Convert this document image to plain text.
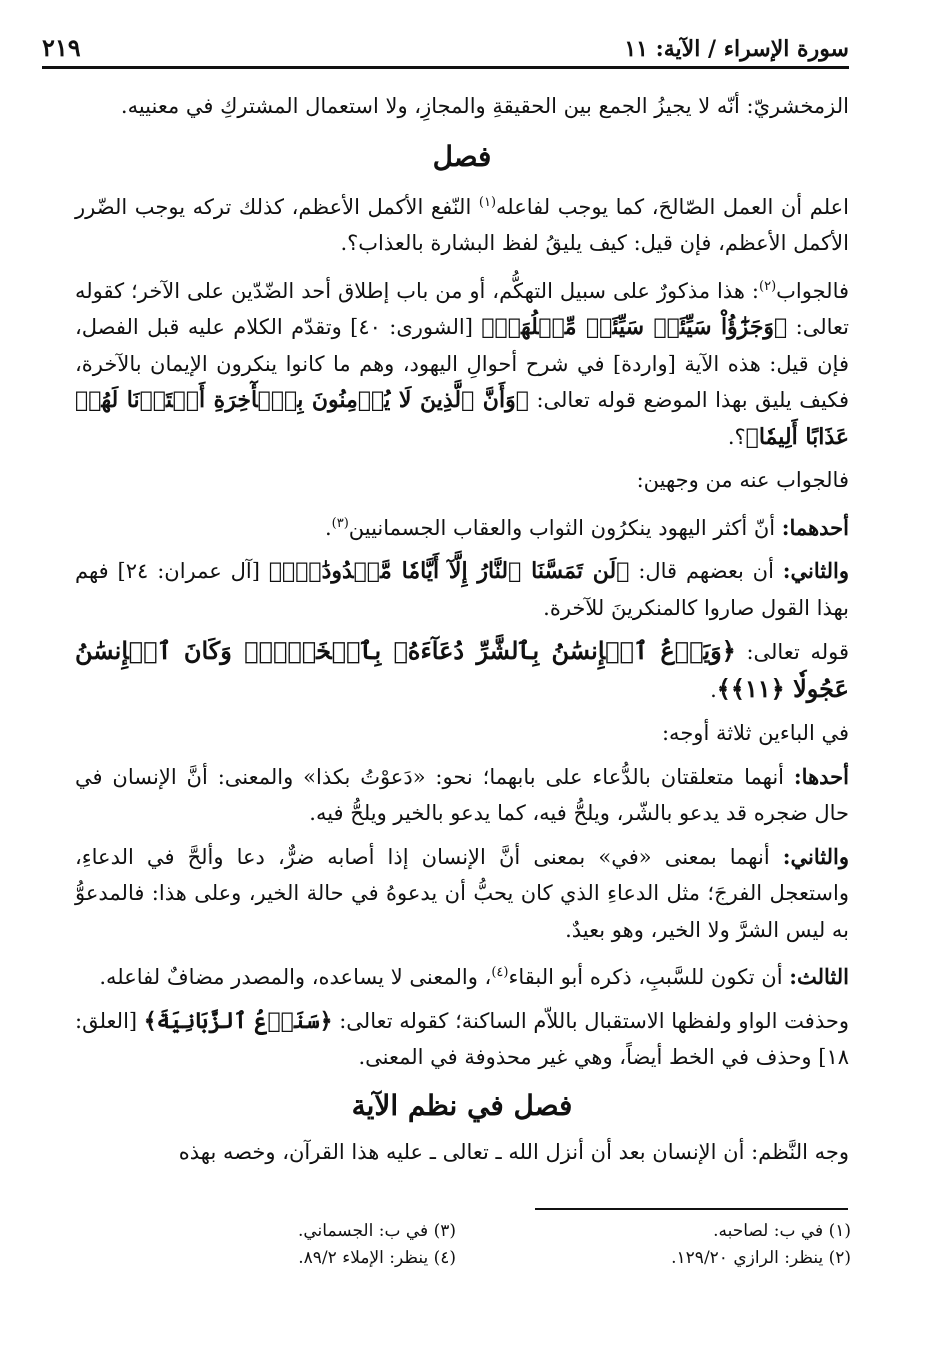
سورة الإسراء / الآية: ١١
٢١٩

الزمخشريّ: أنّه لا يجيزُ الجمع بين الحقيقةِ والمجازِ، ولا استعمال المشتركِ في معنييه.

فصل

اعلم أن العمل الصّالحَ، كما يوجب لفاعله$^{(١)}$ النّفع الأكمل الأعظم، كذلك تركه يوجب الضّرر الأكمل الأعظم، فإن قيل: كيف يليقُ لفظ البشارة بالعذاب؟.

فالجواب$^{(٢)}$: هذا مذكورٌ على سبيل التهكُّم، أو من باب إطلاق أحد الضّدّين على الآخر؛ كقوله تعالى: ﴿وَجَزَٰٓؤُاْ سَيِّئَةٖ سَيِّئَةٞ مِّثۡلُهَاۖ﴾ [الشورى: ٤٠] وتقدّم الكلام عليه قبل الفصل، فإن قيل: هذه الآية [واردة] في شرح أحوالِ اليهود، وهم ما كانوا ينكرون الإيمان بالآخرة، فكيف يليق بهذا الموضع قوله تعالى: ﴿وَأَنَّ ٱلَّذِينَ لَا يُؤۡمِنُونَ بِٱلۡأٓخِرَةِ أَعۡتَدۡنَا لَهُمۡ عَذَابًا أَلِيمٗا﴾؟.

فالجواب عنه من وجهين:

أحدهما: أنّ أكثر اليهود ينكرُون الثواب والعقاب الجسمانيين$^{(٣)}$.

والثاني: أن بعضهم قال: ﴿لَن تَمَسَّنَا ٱلنَّارُ إِلَّآ أَيَّامٗا مَّعۡدُودَٰتٖۚ﴾ [آل عمران: ٢٤] فهم بهذا القول صاروا كالمنكرينَ للآخرة.

قوله تعالى: ﴿وَيَدۡعُ ٱلۡإِنسَٰنُ بِٱلشَّرِّ دُعَآءَهُۥ بِٱلۡخَيۡرِۖ وَكَانَ ٱلۡإِنسَٰنُ عَجُولٗا ﴿١١﴾﴾.

في الباءين ثلاثة أوجه:

أحدها: أنهما متعلقتان بالدُّعاء على بابهما؛ نحو: «دَعوْتُ بكذا» والمعنى: أنَّ الإنسان في حال ضجره قد يدعو بالشّر، ويلحُّ فيه، كما يدعو بالخير ويلحُّ فيه.

والثاني: أنهما بمعنى «في» بمعنى أنَّ الإنسان إذا أصابه ضرٌّ، دعا وألحَّ في الدعاءِ، واستعجل الفرجَ؛ مثل الدعاءِ الذي كان يحبُّ أن يدعوهُ في حالة الخير، وعلى هذا: فالمدعوُّ به ليس الشرَّ ولا الخير، وهو بعيدٌ.

الثالث: أن تكون للسَّببِ، ذكره أبو البقاء$^{(٤)}$، والمعنى لا يساعده، والمصدر مضافٌ لفاعله.

وحذفت الواو ولفظها الاستقبال باللاّم الساكنة؛ كقوله تعالى: ﴿سَنَدۡعُ ٱلزَّبَانِيَةَ﴾ [العلق: ١٨] وحذف في الخط أيضاً، وهي غير محذوفة في المعنى.

فصل في نظم الآية

وجه النَّظم: أن الإنسان بعد أن أنزل الله ـ تعالى ـ عليه هذا القرآن، وخصه بهذه

(١) في ب: لصاحبه.
(٢) ينظر: الرازي ١٢٩/٢٠.
(٣) في ب: الجسماني.
(٤) ينظر: الإملاء ٨٩/٢.
